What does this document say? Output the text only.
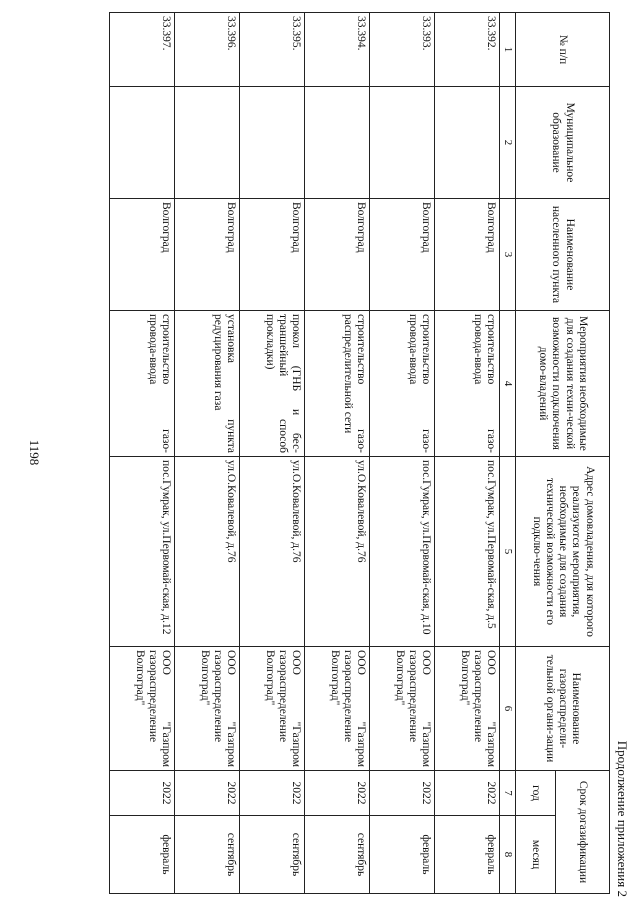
1198
Продолжение приложения 2
№ п/п	Муниципальное образование	Наименование населенного пункта	Мероприятия необходимые для создания техни-ческой возможности подключения домо-владений	Адрес домовладения, для которого реализуются мероприятия, необходимые для создания технической возможности его подклю-чения	Наименование газораспредели-тельной органи-зации	Срок догазификации	
						год	месяц
1	2	3	4	5	6	7	8
33.392.		Волгоград	строительство газо-провода-ввода	пос.Гумрак, ул.Первомай-ская, д.5	ООО "Газпром газораспределение Волгоград"	2022	февраль
33.393.		Волгоград	строительство газо-провода-ввода	пос.Гумрак, ул.Первомай-ская, д.10	ООО "Газпром газораспределение Волгоград"	2022	февраль
33.394.		Волгоград	строительство газо-распределительной сети	ул.О.Ковалевой, д.76	ООО "Газпром газораспределение Волгоград"	2022	сентябрь
33.395.		Волгоград	прокол (ГНБ и бес-траншейный способ прокладки)	ул.О.Ковалевой, д.76	ООО "Газпром газораспределение Волгоград"	2022	сентябрь
33.396.		Волгоград	установка пункта редуцирования газа	ул.О.Ковалевой, д.76	ООО "Газпром газораспределение Волгоград"	2022	сентябрь
33.397.		Волгоград	строительство газо-провода-ввода	пос.Гумрак, ул.Первомай-ская, д.12	ООО "Газпром газораспределение Волгоград"	2022	февраль
